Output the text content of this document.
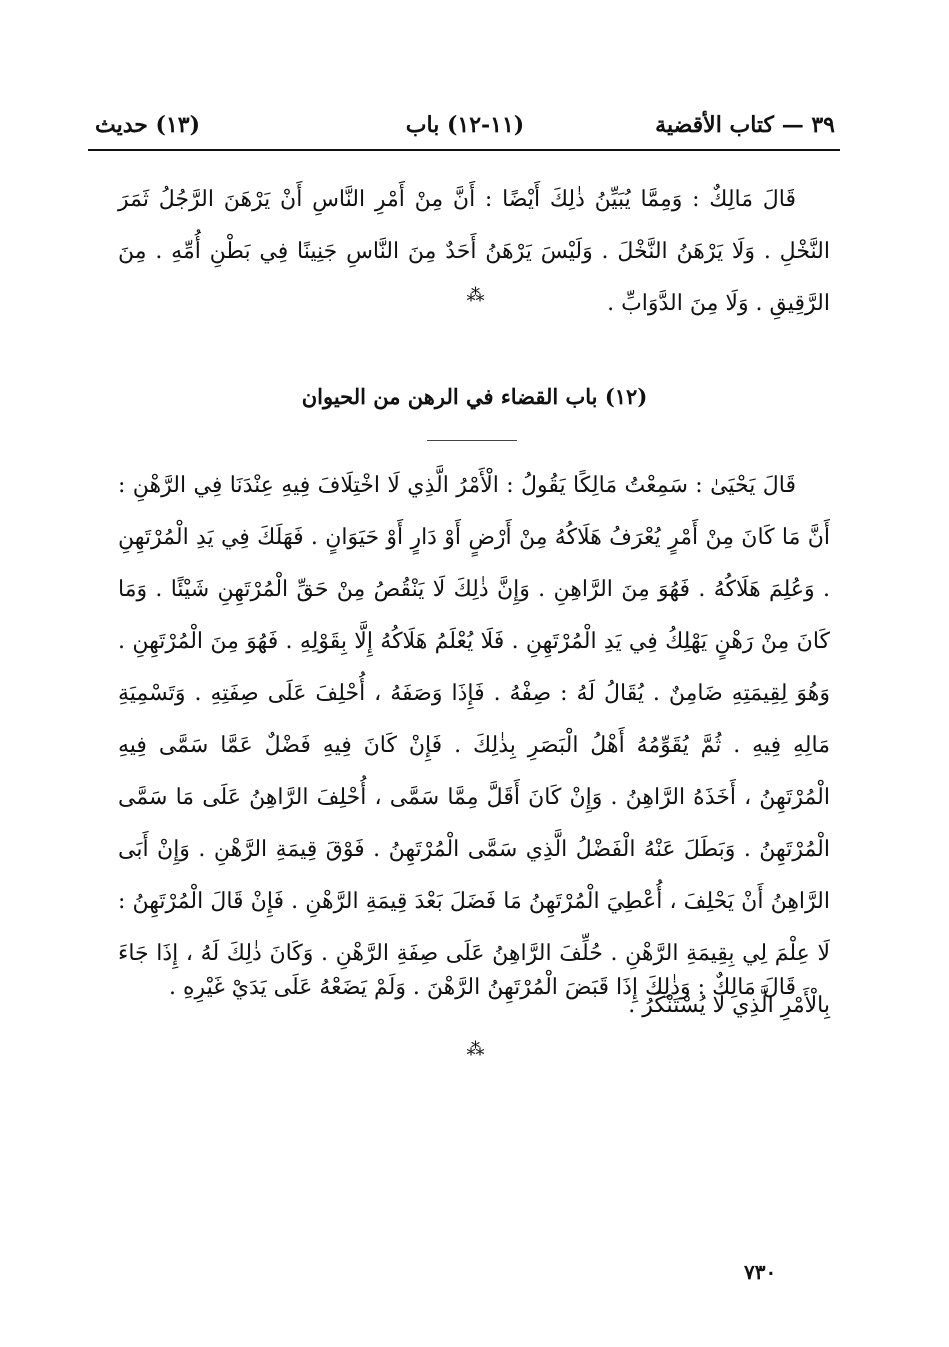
٣٩ — كتاب الأقضية
(١١-١٢) باب
(١٣) حديث

قَالَ مَالِكٌ : وَمِمَّا يُبَيِّنُ ذٰلِكَ أَيْضًا : أَنَّ مِنْ أَمْرِ النَّاسِ أَنْ يَرْهَنَ الرَّجُلُ ثَمَرَ النَّخْلِ . وَلَا يَرْهَنُ النَّخْلَ . وَلَيْسَ يَرْهَنُ أَحَدٌ مِنَ النَّاسِ جَنِينًا فِي بَطْنِ أُمِّهِ . مِنَ الرَّقِيقِ . وَلَا مِنَ الدَّوَابِّ .

⁂
(١٢) باب القضاء في الرهن من الحيوان

قَالَ يَحْيَىٰ : سَمِعْتُ مَالِكًا يَقُولُ : الْأَمْرُ الَّذِي لَا اخْتِلَافَ فِيهِ عِنْدَنَا فِي الرَّهْنِ : أَنَّ مَا كَانَ مِنْ أَمْرٍ يُعْرَفُ هَلَاكُهُ مِنْ أَرْضٍ أَوْ دَارٍ أَوْ حَيَوَانٍ . فَهَلَكَ فِي يَدِ الْمُرْتَهِنِ . وَعُلِمَ هَلَاكُهُ . فَهُوَ مِنَ الرَّاهِنِ . وَإِنَّ ذٰلِكَ لَا يَنْقُصُ مِنْ حَقِّ الْمُرْتَهِنِ شَيْئًا . وَمَا كَانَ مِنْ رَهْنٍ يَهْلِكُ فِي يَدِ الْمُرْتَهِنِ . فَلَا يُعْلَمُ هَلَاكُهُ إِلَّا بِقَوْلِهِ . فَهُوَ مِنَ الْمُرْتَهِنِ . وَهُوَ لِقِيمَتِهِ ضَامِنٌ . يُقَالُ لَهُ : صِفْهُ . فَإِذَا وَصَفَهُ ، أُحْلِفَ عَلَى صِفَتِهِ . وَتَسْمِيَةِ مَالِهِ فِيهِ . ثُمَّ يُقَوِّمُهُ أَهْلُ الْبَصَرِ بِذٰلِكَ . فَإِنْ كَانَ فِيهِ فَضْلٌ عَمَّا سَمَّى فِيهِ الْمُرْتَهِنُ ، أَخَذَهُ الرَّاهِنُ . وَإِنْ كَانَ أَقَلَّ مِمَّا سَمَّى ، أُحْلِفَ الرَّاهِنُ عَلَى مَا سَمَّى الْمُرْتَهِنُ . وَبَطَلَ عَنْهُ الْفَضْلُ الَّذِي سَمَّى الْمُرْتَهِنُ . فَوْقَ قِيمَةِ الرَّهْنِ . وَإِنْ أَبَى الرَّاهِنُ أَنْ يَحْلِفَ ، أُعْطِيَ الْمُرْتَهِنُ مَا فَضَلَ بَعْدَ قِيمَةِ الرَّهْنِ . فَإِنْ قَالَ الْمُرْتَهِنُ : لَا عِلْمَ لِي بِقِيمَةِ الرَّهْنِ . حُلِّفَ الرَّاهِنُ عَلَى صِفَةِ الرَّهْنِ . وَكَانَ ذٰلِكَ لَهُ ، إِذَا جَاءَ بِالْأَمْرِ الَّذِي لَا يُسْتَنْكَرُ .

قَالَ مَالِكٌ : وَذٰلِكَ إِذَا قَبَضَ الْمُرْتَهِنُ الرَّهْنَ . وَلَمْ يَضَعْهُ عَلَى يَدَيْ غَيْرِهِ .

⁂
٧٣٠
